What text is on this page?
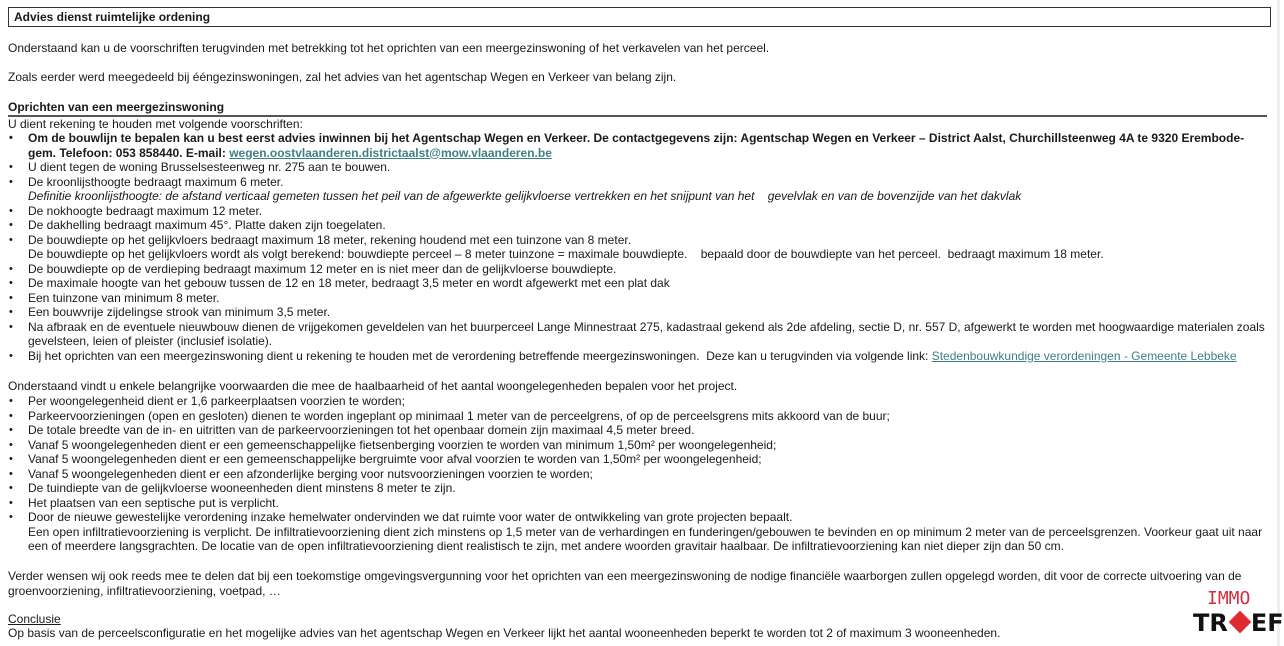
Advies dienst ruimtelijke ordening

Onderstaand kan u de voorschriften terugvinden met betrekking tot het oprichten van een meergezinswoning of het verkavelen van het perceel.

Zoals eerder werd meegedeeld bij ééngezinswoningen, zal het advies van het agentschap Wegen en Verkeer van belang zijn.

Oprichten van een meergezinswoning

U dient rekening te houden met volgende voorschriften:

• Om de bouwlijn te bepalen kan u best eerst advies inwinnen bij het Agentschap Wegen en Verkeer. De contactgegevens zijn: Agentschap Wegen en Verkeer – District Aalst, Churchillsteenweg 4A te 9320 Erembode-gem. Telefoon: 053 858440. E-mail: wegen.oostvlaanderen.districtaalst@mow.vlaanderen.be
• U dient tegen de woning Brusselsesteenweg nr. 275 aan te bouwen.
• De kroonlijsthoogte bedraagt maximum 6 meter.
Definitie kroonlijsthoogte: de afstand verticaal gemeten tussen het peil van de afgewerkte gelijkvloerse vertrekken en het snijpunt van het    gevelvlak en van de bovenzijde van het dakvlak
• De nokhoogte bedraagt maximum 12 meter.
• De dakhelling bedraagt maximum 45°. Platte daken zijn toegelaten.
• De bouwdiepte op het gelijkvloers bedraagt maximum 18 meter, rekening houdend met een tuinzone van 8 meter.
De bouwdiepte op het gelijkvloers wordt als volgt berekend: bouwdiepte perceel – 8 meter tuinzone = maximale bouwdiepte.    bepaald door de bouwdiepte van het perceel.  bedraagt maximum 18 meter.
• De bouwdiepte op de verdieping bedraagt maximum 12 meter en is niet meer dan de gelijkvloerse bouwdiepte.
• De maximale hoogte van het gebouw tussen de 12 en 18 meter, bedraagt 3,5 meter en wordt afgewerkt met een plat dak
• Een tuinzone van minimum 8 meter.
• Een bouwvrije zijdelingse strook van minimum 3,5 meter.
• Na afbraak en de eventuele nieuwbouw dienen de vrijgekomen geveldelen van het buurperceel Lange Minnestraat 275, kadastraal gekend als 2de afdeling, sectie D, nr. 557 D, afgewerkt te worden met hoogwaardige materialen zoals gevelsteen, leien of pleister (inclusief isolatie).
• Bij het oprichten van een meergezinswoning dient u rekening te houden met de verordening betreffende meergezinswoningen.  Deze kan u terugvinden via volgende link: Stedenbouwkundige verordeningen - Gemeente Lebbeke

Onderstaand vindt u enkele belangrijke voorwaarden die mee de haalbaarheid of het aantal woongelegenheden bepalen voor het project.

• Per woongelegenheid dient er 1,6 parkeerplaatsen voorzien te worden;
• Parkeervoorzieningen (open en gesloten) dienen te worden ingeplant op minimaal 1 meter van de perceelgrens, of op de perceelsgrens mits akkoord van de buur;
• De totale breedte van de in- en uitritten van de parkeervoorzieningen tot het openbaar domein zijn maximaal 4,5 meter breed.
• Vanaf 5 woongelegenheden dient er een gemeenschappelijke fietsenberging voorzien te worden van minimum 1,50m² per woongelegenheid;
• Vanaf 5 woongelegenheden dient er een gemeenschappelijke bergruimte voor afval voorzien te worden van 1,50m² per woongelegenheid;
• Vanaf 5 woongelegenheden dient er een afzonderlijke berging voor nutsvoorzieningen voorzien te worden;
• De tuindiepte van de gelijkvloerse wooneenheden dient minstens 8 meter te zijn.
• Het plaatsen van een septische put is verplicht.
• Door de nieuwe gewestelijke verordening inzake hemelwater ondervinden we dat ruimte voor water de ontwikkeling van grote projecten bepaalt.
Een open infiltratievoorziening is verplicht. De infiltratievoorziening dient zich minstens op 1,5 meter van de verhardingen en funderingen/gebouwen te bevinden en op minimum 2 meter van de perceelsgrenzen. Voorkeur gaat uit naar een of meerdere langsgrachten. De locatie van de open infiltratievoorziening dient realistisch te zijn, met andere woorden gravitair haalbaar. De infiltratievoorziening kan niet dieper zijn dan 50 cm.

Verder wensen wij ook reeds mee te delen dat bij een toekomstige omgevingsvergunning voor het oprichten van een meergezinswoning de nodige financiële waarborgen zullen opgelegd worden, dit voor de correcte uitvoering van de groenvoorziening, infiltratievoorziening, voetpad, …

Conclusie

Op basis van de perceelsconfiguratie en het mogelijke advies van het agentschap Wegen en Verkeer lijkt het aantal wooneenheden beperkt te worden tot 2 of maximum 3 wooneenheden.

IMMO
TR EF
